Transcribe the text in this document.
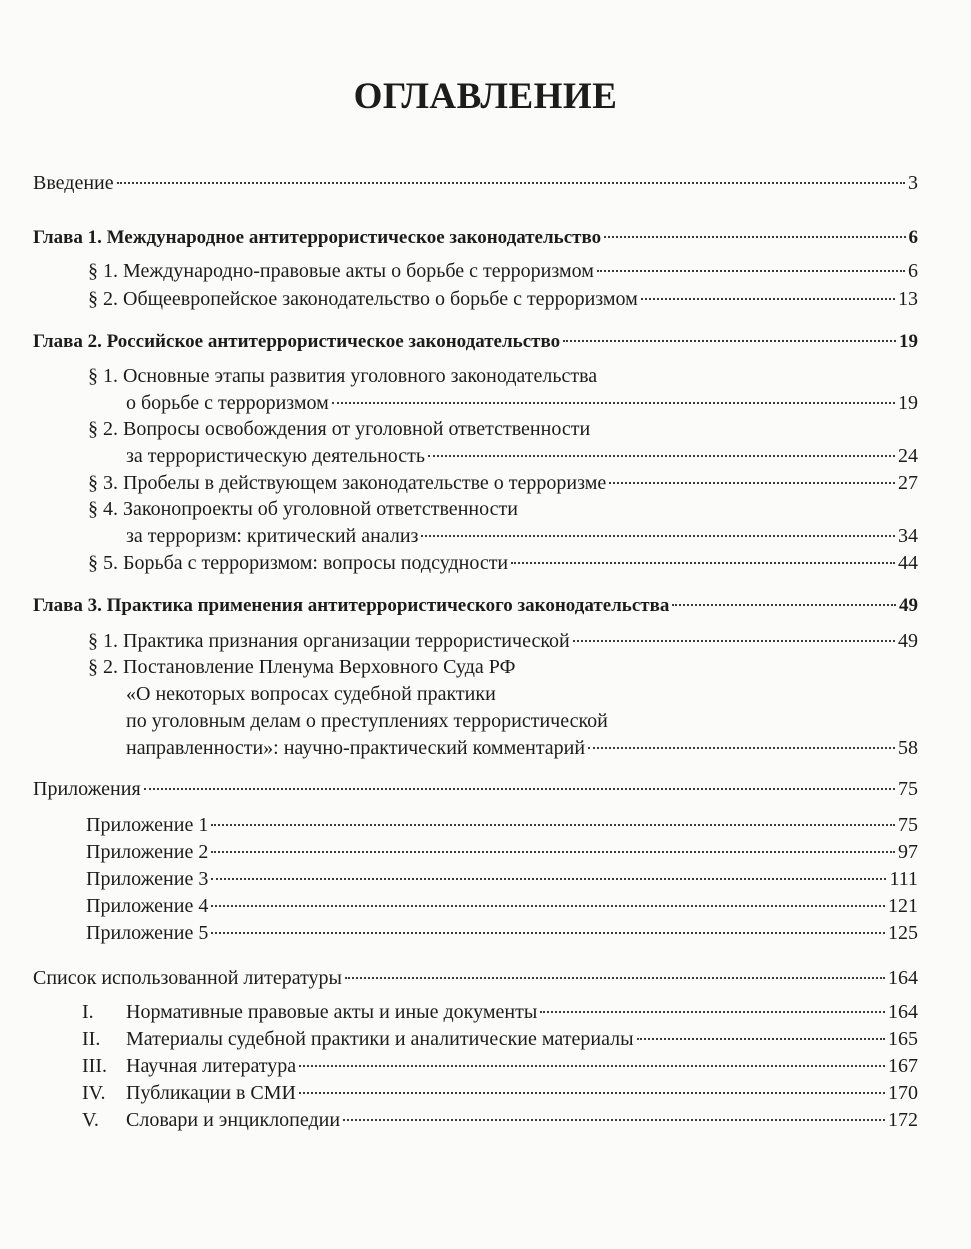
ОГЛАВЛЕНИЕ
Введение	3
Глава 1. Международное антитеррористическое законодательство	6
§ 1. Международно-правовые акты о борьбе с терроризмом	6
§ 2. Общеевропейское законодательство о борьбе с терроризмом	13
Глава 2. Российское антитеррористическое законодательство	19
§ 1. Основные этапы развития уголовного законодательства
о борьбе с терроризмом	19
§ 2. Вопросы освобождения от уголовной ответственности
за террористическую деятельность	24
§ 3. Пробелы в действующем законодательстве о терроризме	27
§ 4. Законопроекты об уголовной ответственности
за терроризм: критический анализ	34
§ 5. Борьба с терроризмом: вопросы подсудности	44
Глава 3. Практика применения антитеррористического законодательства	49
§ 1. Практика признания организации террористической	49
§ 2. Постановление Пленума Верховного Суда РФ
«О некоторых вопросах судебной практики
по уголовным делам о преступлениях террористической
направленности»: научно-практический комментарий	58
Приложения	75
Приложение 1	75
Приложение 2	97
Приложение 3	111
Приложение 4	121
Приложение 5	125
Список использованной литературы	164
I.	Нормативные правовые акты и иные документы	164
II.	Материалы судебной практики и аналитические материалы	165
III. Научная литература	167
IV.	Публикации в СМИ	170
V.	Словари и энциклопедии	172
